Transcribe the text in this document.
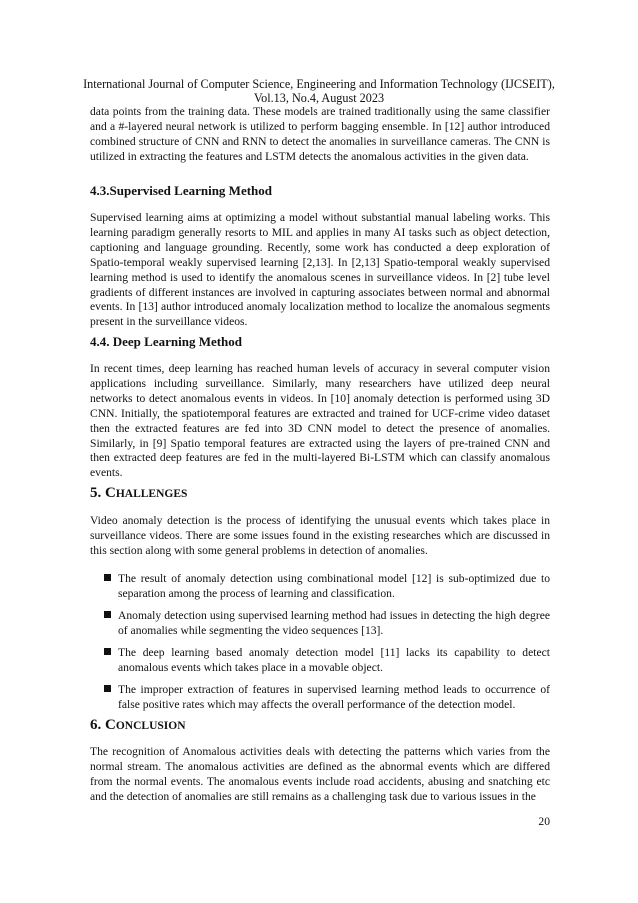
International Journal of Computer Science, Engineering and Information Technology (IJCSEIT),
Vol.13, No.4, August 2023

data points from the training data. These models are trained traditionally using the same classifier and a #-layered neural network is utilized to perform bagging ensemble. In [12] author introduced combined structure of CNN and RNN to detect the anomalies in surveillance cameras. The CNN is utilized in extracting the features and LSTM detects the anomalous activities in the given data.

4.3.Supervised Learning Method

Supervised learning aims at optimizing a model without substantial manual labeling works. This learning paradigm generally resorts to MIL and applies in many AI tasks such as object detection, captioning and language grounding. Recently, some work has conducted a deep exploration of Spatio-temporal weakly supervised learning [2,13]. In [2,13] Spatio-temporal weakly supervised learning method is used to identify the anomalous scenes in surveillance videos. In [2] tube level gradients of different instances are involved in capturing associates between normal and abnormal events. In [13] author introduced anomaly localization method to localize the anomalous segments present in the surveillance videos.

4.4. Deep Learning Method

In recent times, deep learning has reached human levels of accuracy in several computer vision applications including surveillance. Similarly, many researchers have utilized deep neural networks to detect anomalous events in videos. In [10] anomaly detection is performed using 3D CNN. Initially, the spatiotemporal features are extracted and trained for UCF-crime video dataset then the extracted features are fed into 3D CNN model to detect the presence of anomalies. Similarly, in [9] Spatio temporal features are extracted using the layers of pre-trained CNN and then extracted deep features are fed in the multi-layered Bi-LSTM which can classify anomalous events.

5. CHALLENGES

Video anomaly detection is the process of identifying the unusual events which takes place in surveillance videos. There are some issues found in the existing researches which are discussed in this section along with some general problems in detection of anomalies.

The result of anomaly detection using combinational model [12] is sub-optimized due to separation among the process of learning and classification.
Anomaly detection using supervised learning method had issues in detecting the high degree of anomalies while segmenting the video sequences [13].
The deep learning based anomaly detection model [11] lacks its capability to detect anomalous events which takes place in a movable object.
The improper extraction of features in supervised learning method leads to occurrence of false positive rates which may affects the overall performance of the detection model.
6. CONCLUSION

The recognition of Anomalous activities deals with detecting the patterns which varies from the normal stream. The anomalous activities are defined as the abnormal events which are differed from the normal events. The anomalous events include road accidents, abusing and snatching etc and the detection of anomalies are still remains as a challenging task due to various issues in the

20
